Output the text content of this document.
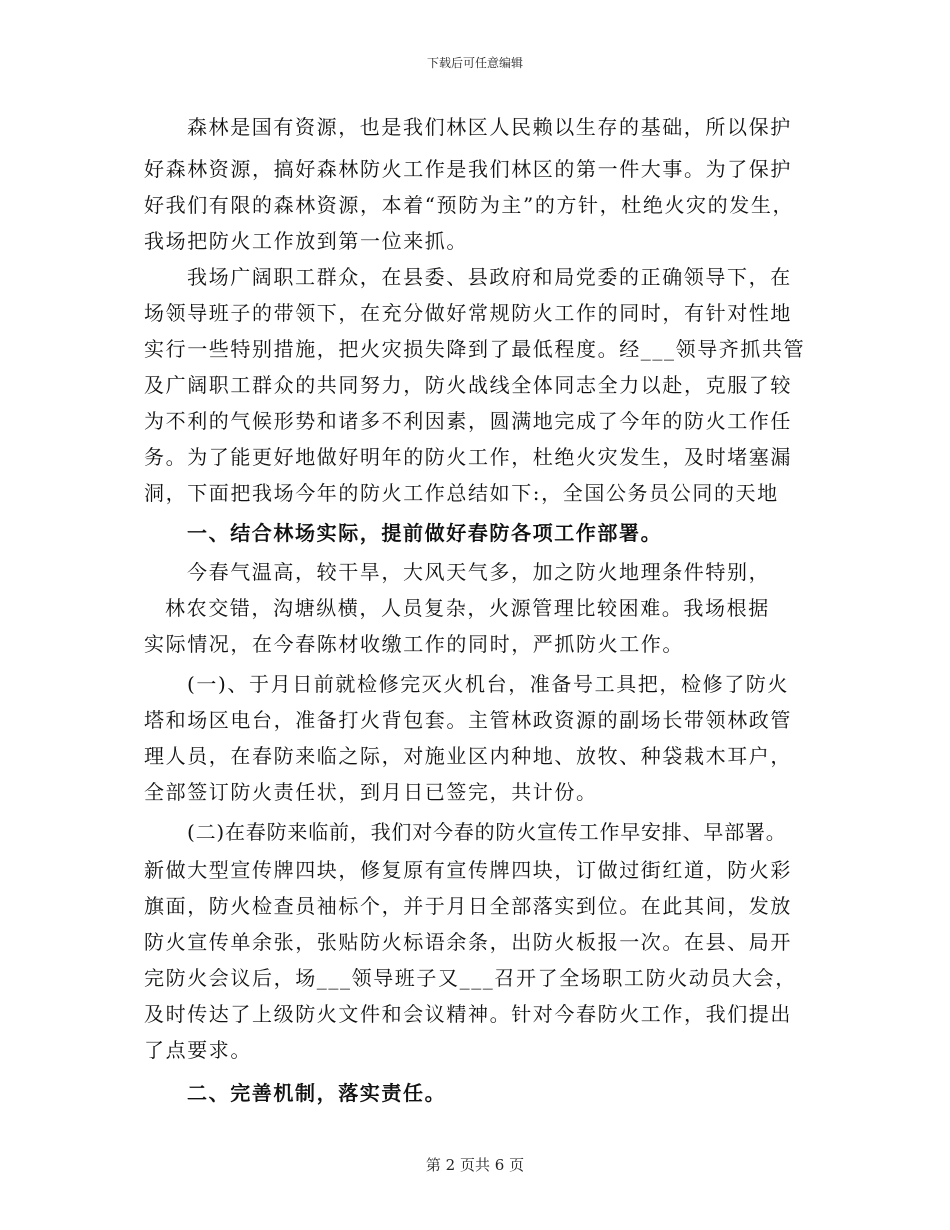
下载后可任意编辑
森林是国有资源，也是我们林区人民赖以生存的基础，所以保护
好森林资源，搞好森林防火工作是我们林区的第一件大事。为了保护
好我们有限的森林资源，本着“预防为主”的方针，杜绝火灾的发生，
我场把防火工作放到第一位来抓。
我场广阔职工群众，在县委、县政府和局党委的正确领导下，在
场领导班子的带领下，在充分做好常规防火工作的同时，有针对性地
实行一些特别措施，把火灾损失降到了最低程度。经___领导齐抓共管
及广阔职工群众的共同努力，防火战线全体同志全力以赴，克服了较
为不利的气候形势和诸多不利因素，圆满地完成了今年的防火工作任
务。为了能更好地做好明年的防火工作，杜绝火灾发生，及时堵塞漏
洞，下面把我场今年的防火工作总结如下:，全国公务员公同的天地
一、结合林场实际，提前做好春防各项工作部署。
今春气温高，较干旱，大风天气多，加之防火地理条件特别，
林农交错，沟塘纵横，人员复杂，火源管理比较困难。我场根据
实际情况，在今春陈材收缴工作的同时，严抓防火工作。
(一)、于月日前就检修完灭火机台，准备号工具把，检修了防火
塔和场区电台，准备打火背包套。主管林政资源的副场长带领林政管
理人员，在春防来临之际，对施业区内种地、放牧、种袋栽木耳户，
全部签订防火责任状，到月日已签完，共计份。
(二)在春防来临前，我们对今春的防火宣传工作早安排、早部署。
新做大型宣传牌四块，修复原有宣传牌四块，订做过街红道，防火彩
旗面，防火检查员袖标个，并于月日全部落实到位。在此其间，发放
防火宣传单余张，张贴防火标语余条，出防火板报一次。在县、局开
完防火会议后，场___领导班子又___召开了全场职工防火动员大会，
及时传达了上级防火文件和会议精神。针对今春防火工作，我们提出
了点要求。
二、完善机制，落实责任。
第 2 页共 6 页
